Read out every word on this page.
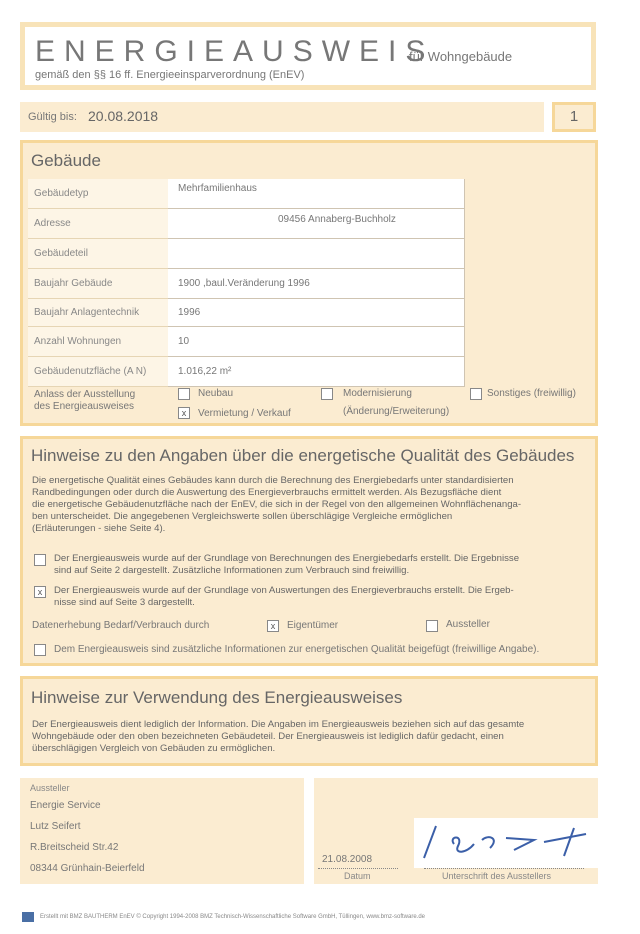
ENERGIEAUSWEIS
für Wohngebäude
gemäß den §§ 16 ff. Energieeinsparverordnung (EnEV)
Gültig bis: 20.08.2018	1
Gebäude
Gebäudetyp	Mehrfamilienhaus
Adresse	09456 Annaberg-Buchholz
Gebäudeteil
Baujahr Gebäude	1900 ,baul.Veränderung 1996
Baujahr Anlagentechnik	1996
Anzahl Wohnungen	10
Gebäudenutzfläche (A N)	1.016,22 m²
Anlass der Ausstellung
des Energieausweises
Neubau
x	Vermietung / Verkauf
Modernisierung
(Änderung/Erweiterung)
Sonstiges (freiwillig)
Hinweise zu den Angaben über die energetische Qualität des Gebäudes
Die energetische Qualität eines Gebäudes kann durch die Berechnung des Energiebedarfs unter standardisierten
Randbedingungen oder durch die Auswertung des Energieverbrauchs ermittelt werden. Als Bezugsfläche dient
die energetische Gebäudenutzfläche nach der EnEV, die sich in der Regel von den allgemeinen Wohnflächenanga-
ben unterscheidet. Die angegebenen Vergleichswerte sollen überschlägige Vergleiche ermöglichen
(Erläuterungen - siehe Seite 4).
Der Energieausweis wurde auf der Grundlage von Berechnungen des Energiebedarfs erstellt. Die Ergebnisse
sind auf Seite 2 dargestellt. Zusätzliche Informationen zum Verbrauch sind freiwillig.
x	Der Energieausweis wurde auf der Grundlage von Auswertungen des Energieverbrauchs erstellt. Die Ergeb-
nisse sind auf Seite 3 dargestellt.
Datenerhebung Bedarf/Verbrauch durch	x	Eigentümer	Aussteller
Dem Energieausweis sind zusätzliche Informationen zur energetischen Qualität beigefügt (freiwillige Angabe).
Hinweise zur Verwendung des Energieausweises
Der Energieausweis dient lediglich der Information. Die Angaben im Energieausweis beziehen sich auf das gesamte
Wohngebäude oder den oben bezeichneten Gebäudeteil. Der Energieausweis ist lediglich dafür gedacht, einen
überschlägigen Vergleich von Gebäuden zu ermöglichen.
Aussteller
Energie Service
Lutz Seifert
R.Breitscheid Str.42
08344 Grünhain-Beierfeld
21.08.2008
Datum	Unterschrift des Ausstellers
Erstellt mit BMZ BAUTHERM EnEV © Copyright 1994-2008 BMZ Technisch-Wissenschaftliche Software GmbH, Tüllingen, www.bmz-software.de
